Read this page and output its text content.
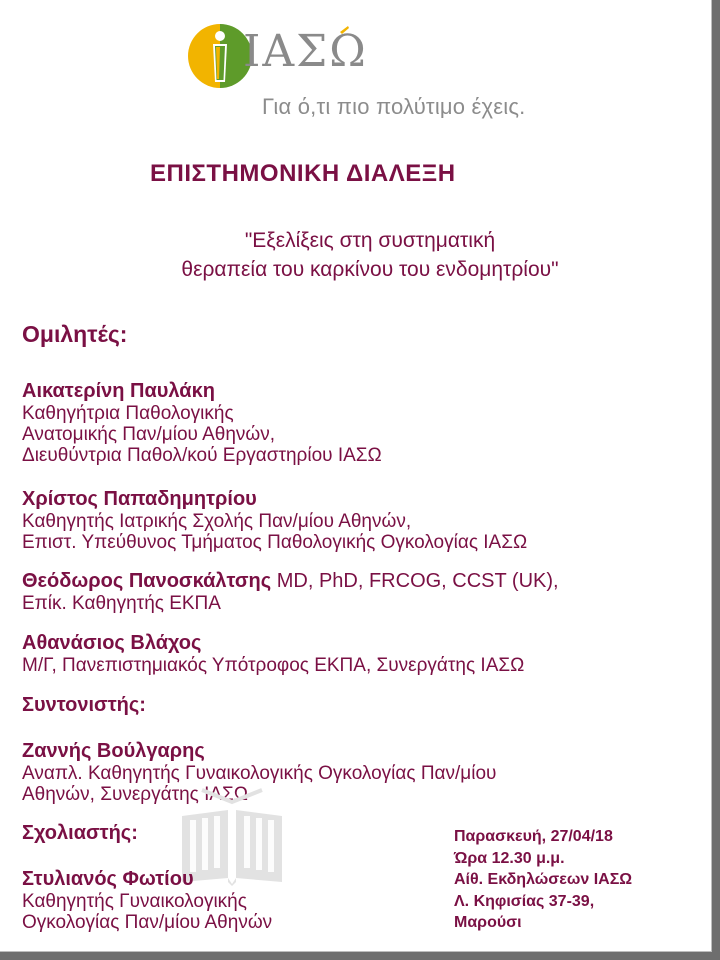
ΙΑΣΩ
Για ό,τι πιο πολύτιμο έχεις.
ΕΠΙΣΤΗΜΟΝΙΚΗ ΔΙΑΛΕΞΗ
"Εξελίξεις στη συστηματική
θεραπεία του καρκίνου του ενδομητρίου"
Ομιλητές:
Αικατερίνη Παυλάκη
Καθηγήτρια Παθολογικής
Ανατομικής Παν/μίου Αθηνών,
Διευθύντρια Παθολ/κού Εργαστηρίου ΙΑΣΩ
Χρίστος Παπαδημητρίου
Καθηγητής Ιατρικής Σχολής Παν/μίου Αθηνών,
Επιστ. Υπεύθυνος Τμήματος Παθολογικής Ογκολογίας ΙΑΣΩ
Θεόδωρος Πανοσκάλτσης MD, PhD, FRCOG, CCST (UK),
Επίκ. Καθηγητής ΕΚΠΑ
Αθανάσιος Βλάχος
Μ/Γ, Πανεπιστημιακός Υπότροφος ΕΚΠΑ, Συνεργάτης ΙΑΣΩ
Συντονιστής:
Ζαννής Βούλγαρης
Αναπλ. Καθηγητής Γυναικολογικής Ογκολογίας Παν/μίου
Αθηνών, Συνεργάτης ΙΑΣΩ
Σχολιαστής:
Στυλιανός Φωτίου
Καθηγητής Γυναικολογικής
Ογκολογίας Παν/μίου Αθηνών
Παρασκευή, 27/04/18
Ώρα 12.30 μ.μ.
Αίθ. Εκδηλώσεων ΙΑΣΩ
Λ. Κηφισίας 37-39,
Μαρούσι
